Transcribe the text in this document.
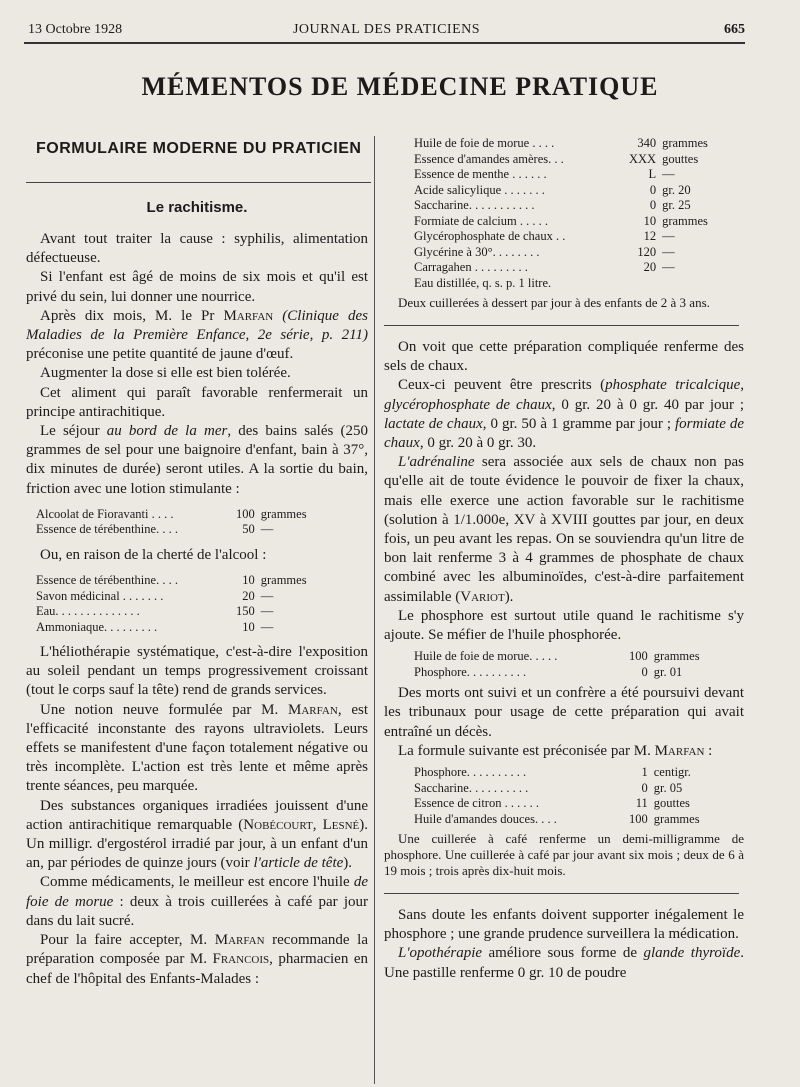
13 Octobre 1928	JOURNAL DES PRATICIENS	665
MÉMENTOS DE MÉDECINE PRATIQUE
FORMULAIRE MODERNE DU PRATICIEN
Le rachitisme.

Avant tout traiter la cause : syphilis, alimentation défectueuse.

Si l'enfant est âgé de moins de six mois et qu'il est privé du sein, lui donner une nourrice.

Après dix mois, M. le Pr Marfan (Clinique des Maladies de la Première Enfance, 2e série, p. 211) préconise une petite quantité de jaune d'œuf.

Augmenter la dose si elle est bien tolérée.

Cet aliment qui paraît favorable renfermerait un principe antirachitique.

Le séjour au bord de la mer, des bains salés (250 grammes de sel pour une baignoire d'enfant, bain à 37°, dix minutes de durée) seront utiles. A la sortie du bain, friction avec une lotion stimulante :

Alcoolat de Fioravanti . . . .	100	grammes
Essence de térébenthine. . . .	50	—

Ou, en raison de la cherté de l'alcool :

Essence de térébenthine. . . .	10	grammes
Savon médicinal . . . . . . .	20	—
Eau. . . . . . . . . . . . . .	150	—
Ammoniaque. . . . . . . . .	10	—

L'héliothérapie systématique, c'est-à-dire l'exposition au soleil pendant un temps progressivement croissant (tout le corps sauf la tête) rend de grands services.

Une notion neuve formulée par M. Marfan, est l'efficacité inconstante des rayons ultraviolets. Leurs effets se manifestent d'une façon totalement négative ou très incomplète. L'action est très lente et même après trente séances, peu marquée.

Des substances organiques irradiées jouissent d'une action antirachitique remarquable (Nobécourt, Lesné). Un milligr. d'ergostérol irradié par jour, à un enfant d'un an, par périodes de quinze jours (voir l'article de tête).

Comme médicaments, le meilleur est encore l'huile de foie de morue : deux à trois cuillerées à café par jour dans du lait sucré.

Pour la faire accepter, M. Marfan recommande la préparation composée par M. Francois, pharmacien en chef de l'hôpital des Enfants-Malades :

Huile de foie de morue . . . .	340	grammes
Essence d'amandes amères. . .	XXX	gouttes
Essence de menthe . . . . . .	L	—
Acide salicylique . . . . . . .	0	gr. 20
Saccharine. . . . . . . . . . .	0	gr. 25
Formiate de calcium . . . . .	10	grammes
Glycérophosphate de chaux . .	12	—
Glycérine à 30°. . . . . . . .	120	—
Carragahen . . . . . . . . .	20	—
Eau distillée, q. s. p. 1 litre.		
Deux cuillerées à dessert par jour à des enfants de 2 à 3 ans.

On voit que cette préparation compliquée renferme des sels de chaux.

Ceux-ci peuvent être prescrits (phosphate tricalcique, glycérophosphate de chaux, 0 gr. 20 à 0 gr. 40 par jour ; lactate de chaux, 0 gr. 50 à 1 gramme par jour ; formiate de chaux, 0 gr. 20 à 0 gr. 30.

L'adrénaline sera associée aux sels de chaux non pas qu'elle ait de toute évidence le pouvoir de fixer la chaux, mais elle exerce une action favorable sur le rachitisme (solution à 1/1.000e, XV à XVIII gouttes par jour, en deux fois, un peu avant les repas. On se souviendra qu'un litre de bon lait renferme 3 à 4 grammes de phosphate de chaux combiné avec les albuminoïdes, c'est-à-dire parfaitement assimilable (Variot).

Le phosphore est surtout utile quand le rachitisme s'y ajoute. Se méfier de l'huile phosphorée.

Huile de foie de morue. . . . .	100	grammes
Phosphore. . . . . . . . . .	0	gr. 01

Des morts ont suivi et un confrère a été poursuivi devant les tribunaux pour usage de cette préparation qui avait entraîné un décès.

La formule suivante est préconisée par M. Marfan :

Phosphore. . . . . . . . . .	1	centigr.
Saccharine. . . . . . . . . .	0	gr. 05
Essence de citron . . . . . .	11	gouttes
Huile d'amandes douces. . . .	100	grammes
Une cuillerée à café renferme un demi-milligramme de phosphore. Une cuillerée à café par jour avant six mois ; deux de 6 à 19 mois ; trois après dix-huit mois.

Sans doute les enfants doivent supporter inégalement le phosphore ; une grande prudence surveillera la médication.

L'opothérapie améliore sous forme de glande thyroïde. Une pastille renferme 0 gr. 10 de poudre
